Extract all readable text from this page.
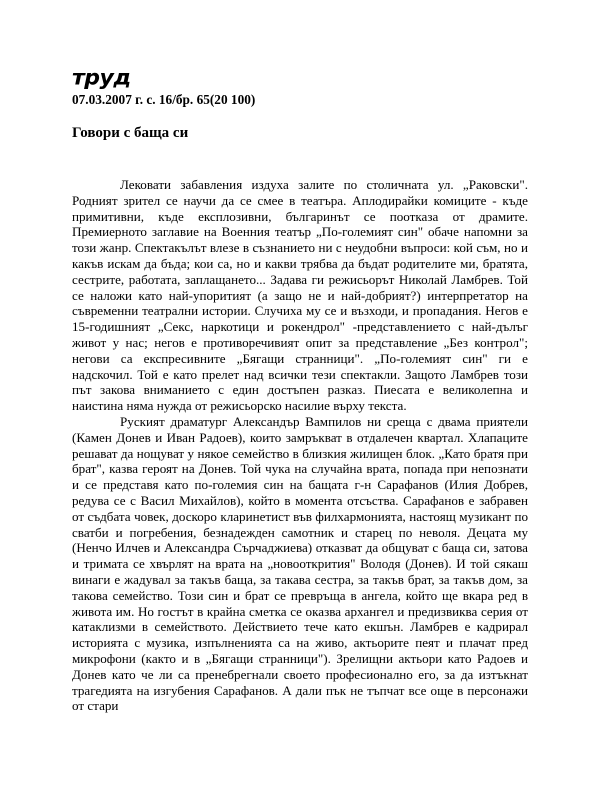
труд
07.03.2007 г. с. 16/бр. 65(20 100)
Говори с баща си

Лековати забавления издуха залите по столичната ул. „Раковски". Родният зрител се научи да се смее в театъра. Аплодирайки комиците - къде примитивни, къде експлозивни, българинът се поотказа от драмите. Премиерното заглавие на Военния театър „По-големият син" обаче напомни за този жанр. Спектакълът влезе в съзнанието ни с неудобни въпроси: кой съм, но и какъв искам да бъда; кои са, но и какви трябва да бъдат родителите ми, братята, сестрите, работата, заплащането... Задава ги режисьорът Николай Ламбрев. Той се наложи като най-упоритият (а защо не и най-добрият?) интерпретатор на съвременни театрални истории. Случиха му се и възходи, и пропадания. Негов е 15-годишният „Секс, наркотици и рокендрол" -представлението с най-дълъг живот у нас; негов е противоречивият опит за представление „Без контрол"; негови са експресивните „Бягащи странници". „По-големият син" ги е надскочил. Той е като прелет над всички тези спектакли. Защото Ламбрев този път закова вниманието с един достъпен разказ. Пиесата е великолепна и наистина няма нужда от режисьорско насилие върху текста.

Руският драматург Александър Вампилов ни среща с двама приятели (Камен Донев и Иван Радоев), които замръкват в отдалечен квартал. Хлапаците решават да нощуват у някое семейство в близкия жилищен блок. „Като братя при брат", казва героят на Донев. Той чука на случайна врата, попада при непознати и се представя като по-големия син на бащата г-н Сарафанов (Илия Добрев, редува се с Васил Михайлов), който в момента отсъства. Сарафанов е забравен от съдбата човек, доскоро кларинетист във филхармонията, настоящ музикант по сватби и погребения, безнадежден самотник и старец по неволя. Децата му (Ненчо Илчев и Александра Сърчаджиева) отказват да общуват с баща си, затова и тримата се хвърлят на врата на „новооткрития" Володя (Донев). И той сякаш винаги е жадувал за такъв баща, за такава сестра, за такъв брат, за такъв дом, за такова семейство. Този син и брат се превръща в ангела, който ще вкара ред в живота им. Но гостът в крайна сметка се оказва архангел и предизвиква серия от катаклизми в семейството. Действието тече като екшън. Ламбрев е кадрирал историята с музика, изпълненията са на живо, актьорите пеят и плачат пред микрофони (както и в „Бягащи странници"). Зрелищни актьори като Радоев и Донев като че ли са пренебрегнали своето професионално его, за да изтъкнат трагедията на изгубения Сарафанов. А дали пък не тъпчат все още в персонажи от стари
